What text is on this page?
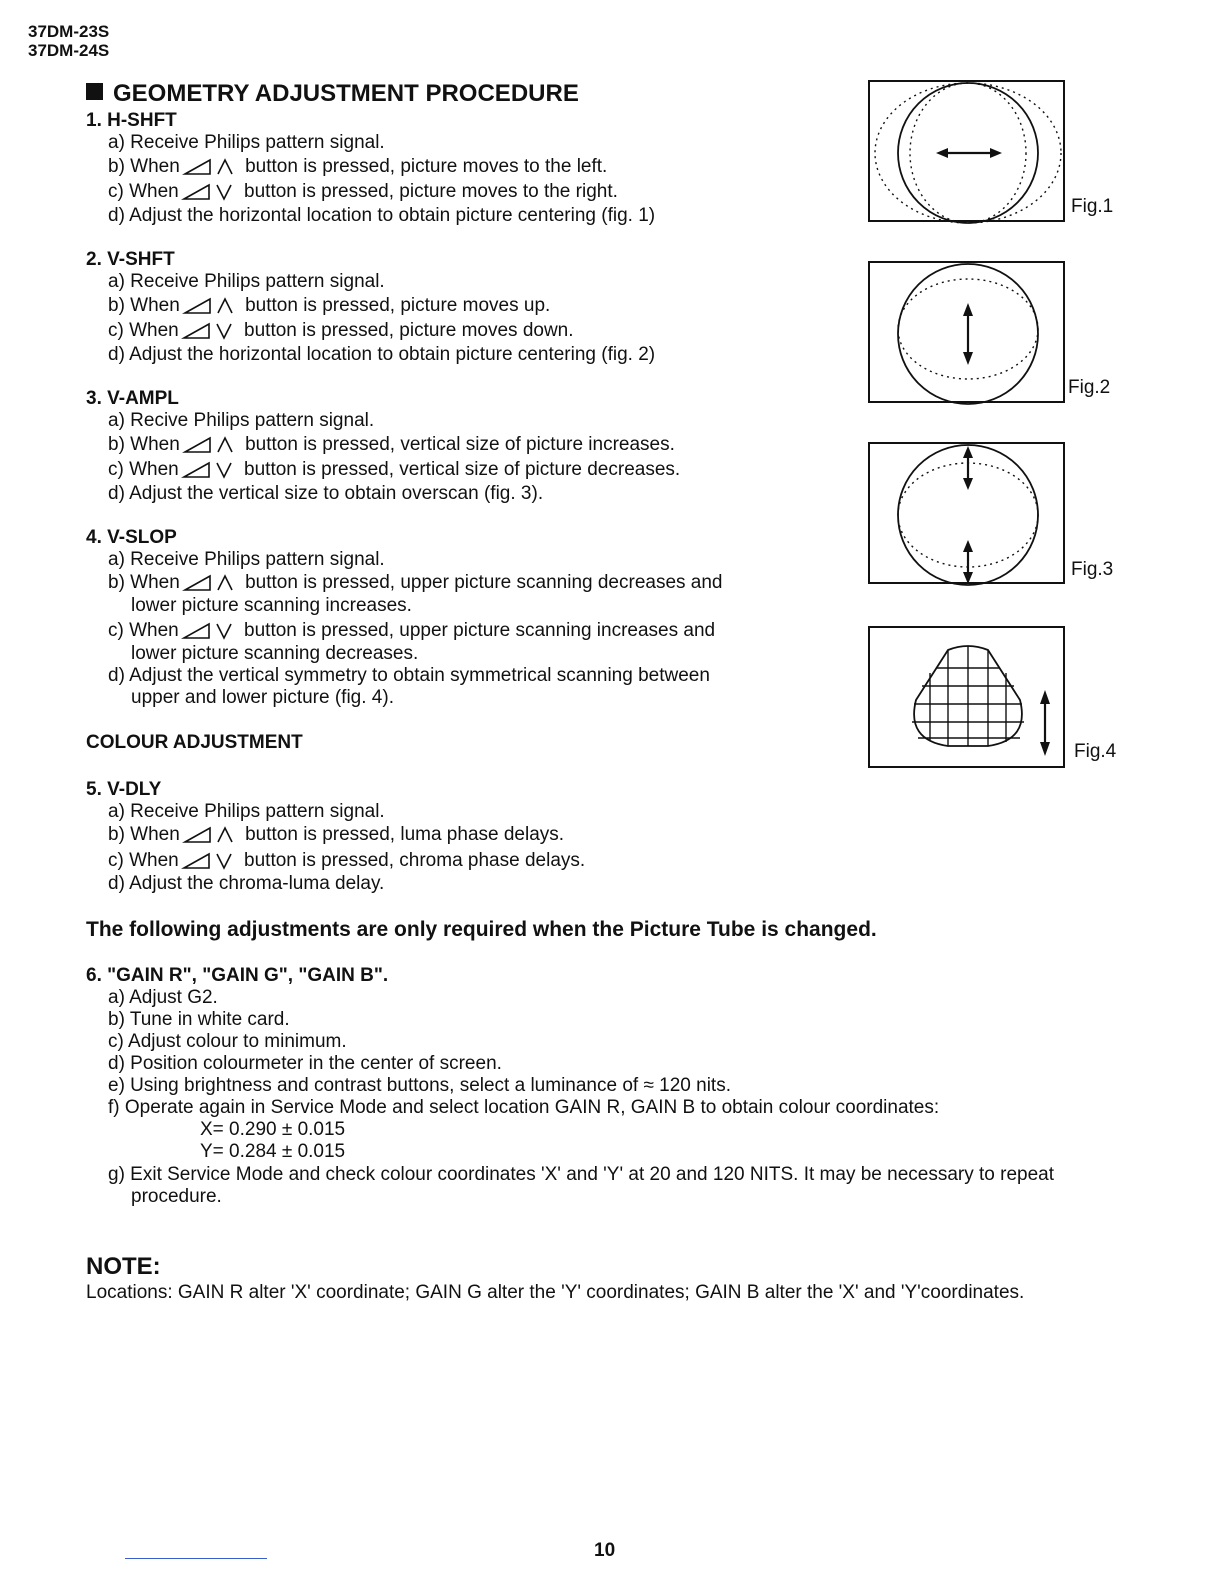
37DM-23S
37DM-24S
GEOMETRY ADJUSTMENT PROCEDURE
1. H-SHFT
a) Receive Philips pattern signal.
b) When	button is pressed, picture moves to the left.
c) When	button is pressed, picture moves to the right.
d) Adjust the horizontal location to obtain picture centering (fig. 1)
2. V-SHFT
a) Receive Philips pattern signal.
b) When	button is pressed, picture moves up.
c) When	button is pressed, picture moves down.
d) Adjust the horizontal location to obtain picture centering (fig. 2)
3. V-AMPL
a) Recive Philips pattern signal.
b) When	button is pressed, vertical size of picture increases.
c) When	button is pressed, vertical size of picture decreases.
d) Adjust the vertical size to obtain overscan (fig. 3).
4. V-SLOP
a) Receive Philips pattern signal.
b) When	button is pressed, upper picture scanning decreases and
lower picture scanning increases.
c) When	button is pressed, upper picture scanning increases and
lower picture scanning decreases.
d) Adjust the vertical symmetry to obtain symmetrical scanning between
upper and lower picture (fig. 4).
COLOUR ADJUSTMENT
5. V-DLY
a) Receive Philips pattern signal.
b) When	button is pressed, luma phase delays.
c) When	button is pressed, chroma phase delays.
d) Adjust the chroma-luma delay.
The following adjustments are only required when the Picture Tube is changed.
6. "GAIN R", "GAIN G", "GAIN B".
a) Adjust G2.
b) Tune in white card.
c) Adjust colour to minimum.
d) Position colourmeter in the center of screen.
e) Using brightness and contrast buttons, select a luminance of ≈ 120 nits.
f) Operate again in Service Mode and select location GAIN R, GAIN B to obtain colour coordinates:
X= 0.290 ± 0.015
Y= 0.284 ± 0.015
g) Exit Service Mode and check colour coordinates 'X' and 'Y' at 20 and 120 NITS. It may be necessary to repeat
procedure.
NOTE:
Locations: GAIN R alter 'X' coordinate; GAIN G alter the 'Y' coordinates; GAIN B alter the 'X' and 'Y'coordinates.
Fig.1
Fig.2
Fig.3
Fig.4
10
